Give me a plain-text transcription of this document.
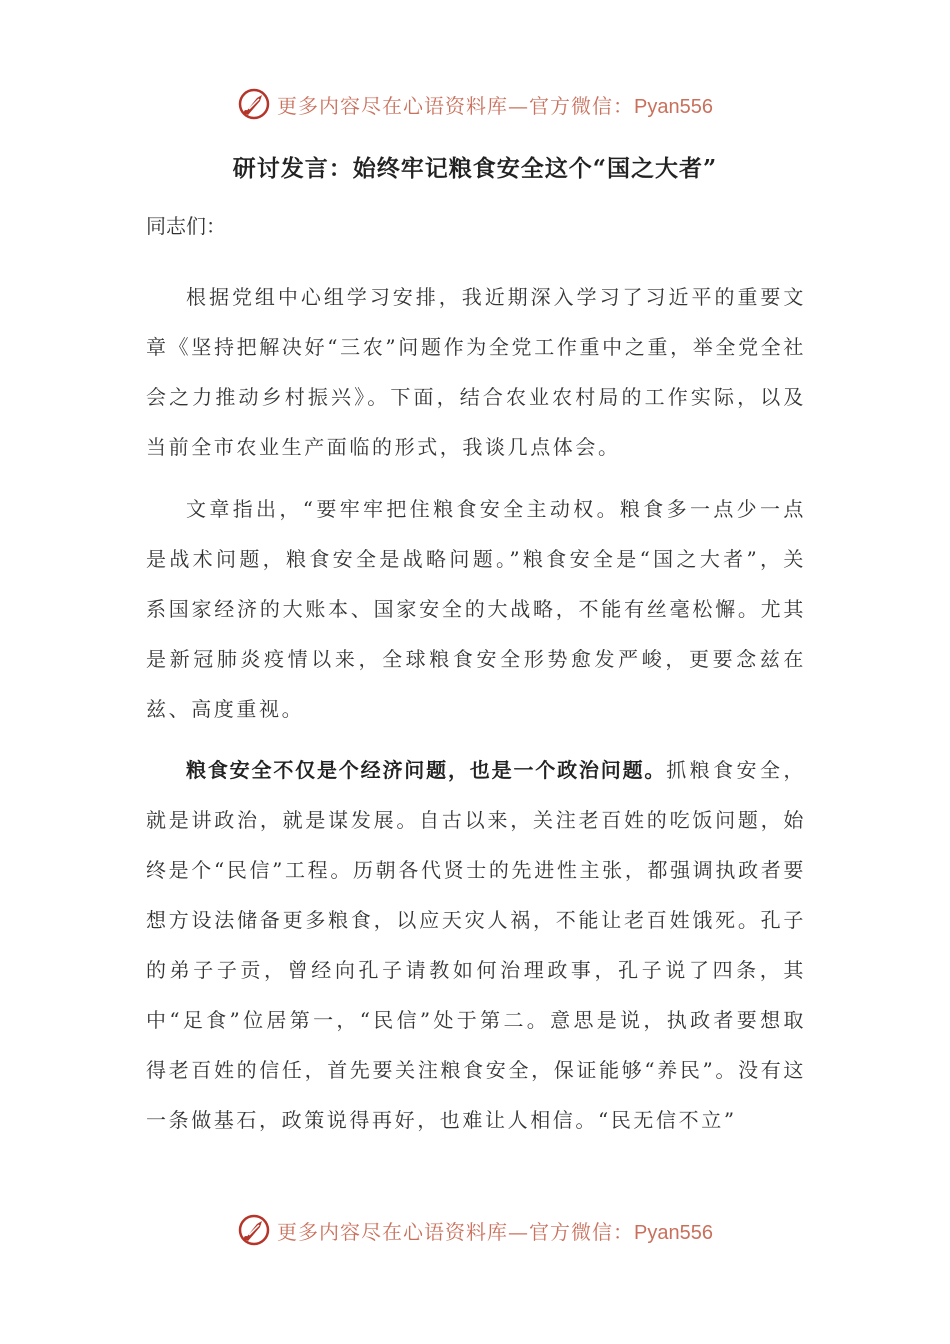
更多内容尽在心语资料库—官方微信：Pyan556
研讨发言：始终牢记粮食安全这个“国之大者”
同志们：

根据党组中心组学习安排，我近期深入学习了习近平的重要文章《坚持把解决好“三农”问题作为全党工作重中之重，举全党全社会之力推动乡村振兴》。下面，结合农业农村局的工作实际，以及当前全市农业生产面临的形式，我谈几点体会。

文章指出，“要牢牢把住粮食安全主动权。粮食多一点少一点是战术问题，粮食安全是战略问题。”粮食安全是“国之大者”，关系国家经济的大账本、国家安全的大战略，不能有丝毫松懈。尤其是新冠肺炎疫情以来，全球粮食安全形势愈发严峻，更要念兹在兹、高度重视。

粮食安全不仅是个经济问题，也是一个政治问题。抓粮食安全，就是讲政治，就是谋发展。自古以来，关注老百姓的吃饭问题，始终是个“民信”工程。历朝各代贤士的先进性主张，都强调执政者要想方设法储备更多粮食，以应天灾人祸，不能让老百姓饿死。孔子的弟子子贡，曾经向孔子请教如何治理政事，孔子说了四条，其中“足食”位居第一，“民信”处于第二。意思是说，执政者要想取得老百姓的信任，首先要关注粮食安全，保证能够“养民”。没有这一条做基石，政策说得再好，也难让人相信。“民无信不立”

更多内容尽在心语资料库—官方微信：Pyan556
